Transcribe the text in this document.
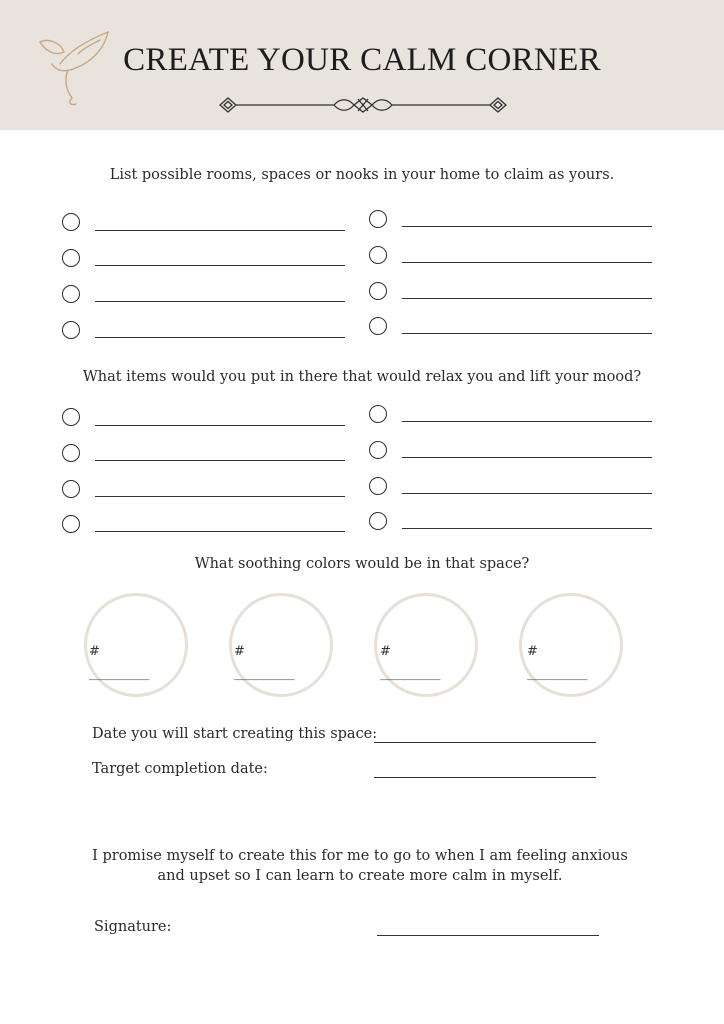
CREATE YOUR CALM CORNER
List possible rooms, spaces or nooks in your home to claim as yours.
What items would you put in there that would relax you and lift your mood?
What soothing colors would be in that space?
#
__________
#
__________
#
__________
#
__________
Date you will start creating this space:
Target completion date:
I promise myself to create this for me to go to when I am feeling anxious
and upset so I can learn to create more calm in myself.
Signature:
